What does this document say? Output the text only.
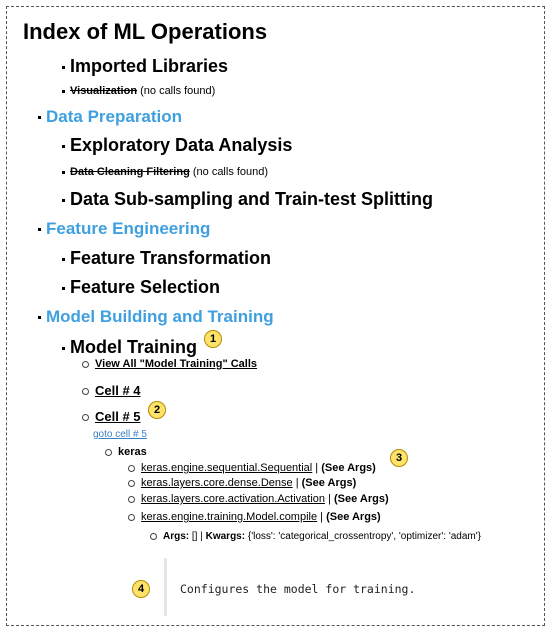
Index of ML Operations
Imported Libraries
Visualization (no calls found)
Data Preparation
Exploratory Data Analysis
Data Cleaning Filtering (no calls found)
Data Sub-sampling and Train-test Splitting
Feature Engineering
Feature Transformation
Feature Selection
Model Building and Training
Model Training	1
View All "Model Training" Calls
Cell # 4
Cell # 5	2
goto cell # 5
keras
keras.engine.sequential.Sequential | (See Args)
3
keras.layers.core.dense.Dense | (See Args)
keras.layers.core.activation.Activation | (See Args)
keras.engine.training.Model.compile | (See Args)
Args: [] | Kwargs: {'loss': 'categorical_crossentropy', 'optimizer': 'adam'}
4	Configures the model for training.
